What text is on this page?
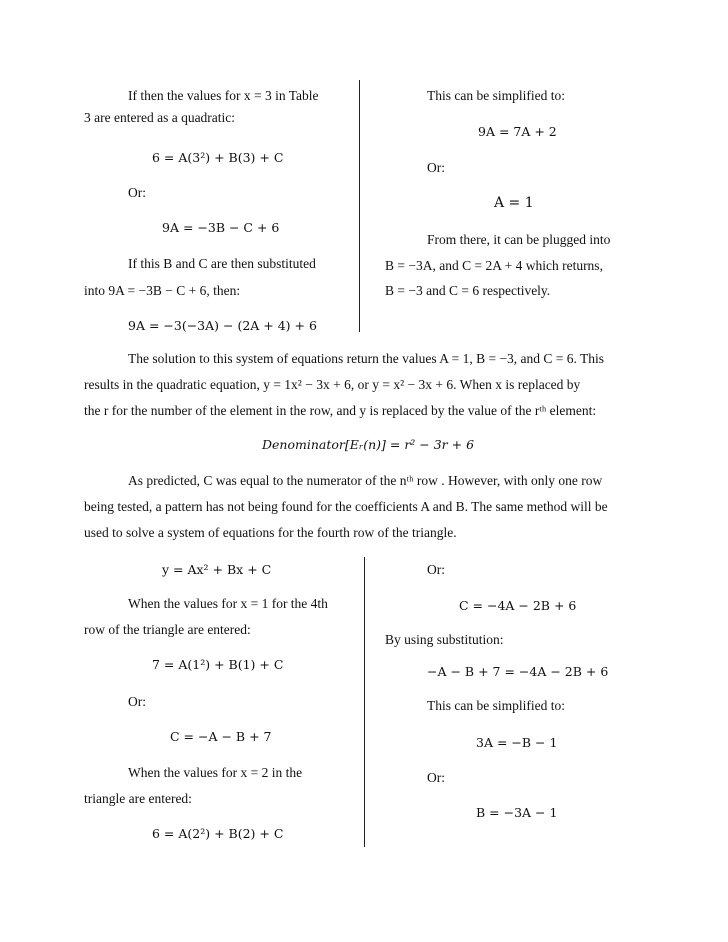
If then the values for x = 3 in Table
3 are entered as a quadratic:
6 = A(3²) + B(3) + C
Or:
9A = −3B − C + 6
If this B and C are then substituted
into 9A = −3B − C + 6, then:
9A = −3(−3A) − (2A + 4) + 6
This can be simplified to:
9A = 7A + 2
Or:
A = 1
From there, it can be plugged into
B = −3A, and C = 2A + 4 which returns,
B = −3 and C = 6 respectively.
The solution to this system of equations return the values A = 1, B = −3, and C = 6. This
results in the quadratic equation, y = 1x² − 3x + 6, or y = x² − 3x + 6. When x is replaced by
the r for the number of the element in the row, and y is replaced by the value of the rᵗʰ element:
Denominator[Eᵣ(n)] = r² − 3r + 6
As predicted, C was equal to the numerator of the nᵗʰ row . However, with only one row
being tested, a pattern has not being found for the coefficients A and B. The same method will be
used to solve a system of equations for the fourth row of the triangle.
y = Ax² + Bx + C
When the values for x = 1 for the 4th
row of the triangle are entered:
7 = A(1²) + B(1) + C
Or:
C = −A − B + 7
When the values for x = 2 in the
triangle are entered:
6 = A(2²) + B(2) + C
Or:
C = −4A − 2B + 6
By using substitution:
−A − B + 7 = −4A − 2B + 6
This can be simplified to:
3A = −B − 1
Or:
B = −3A − 1
